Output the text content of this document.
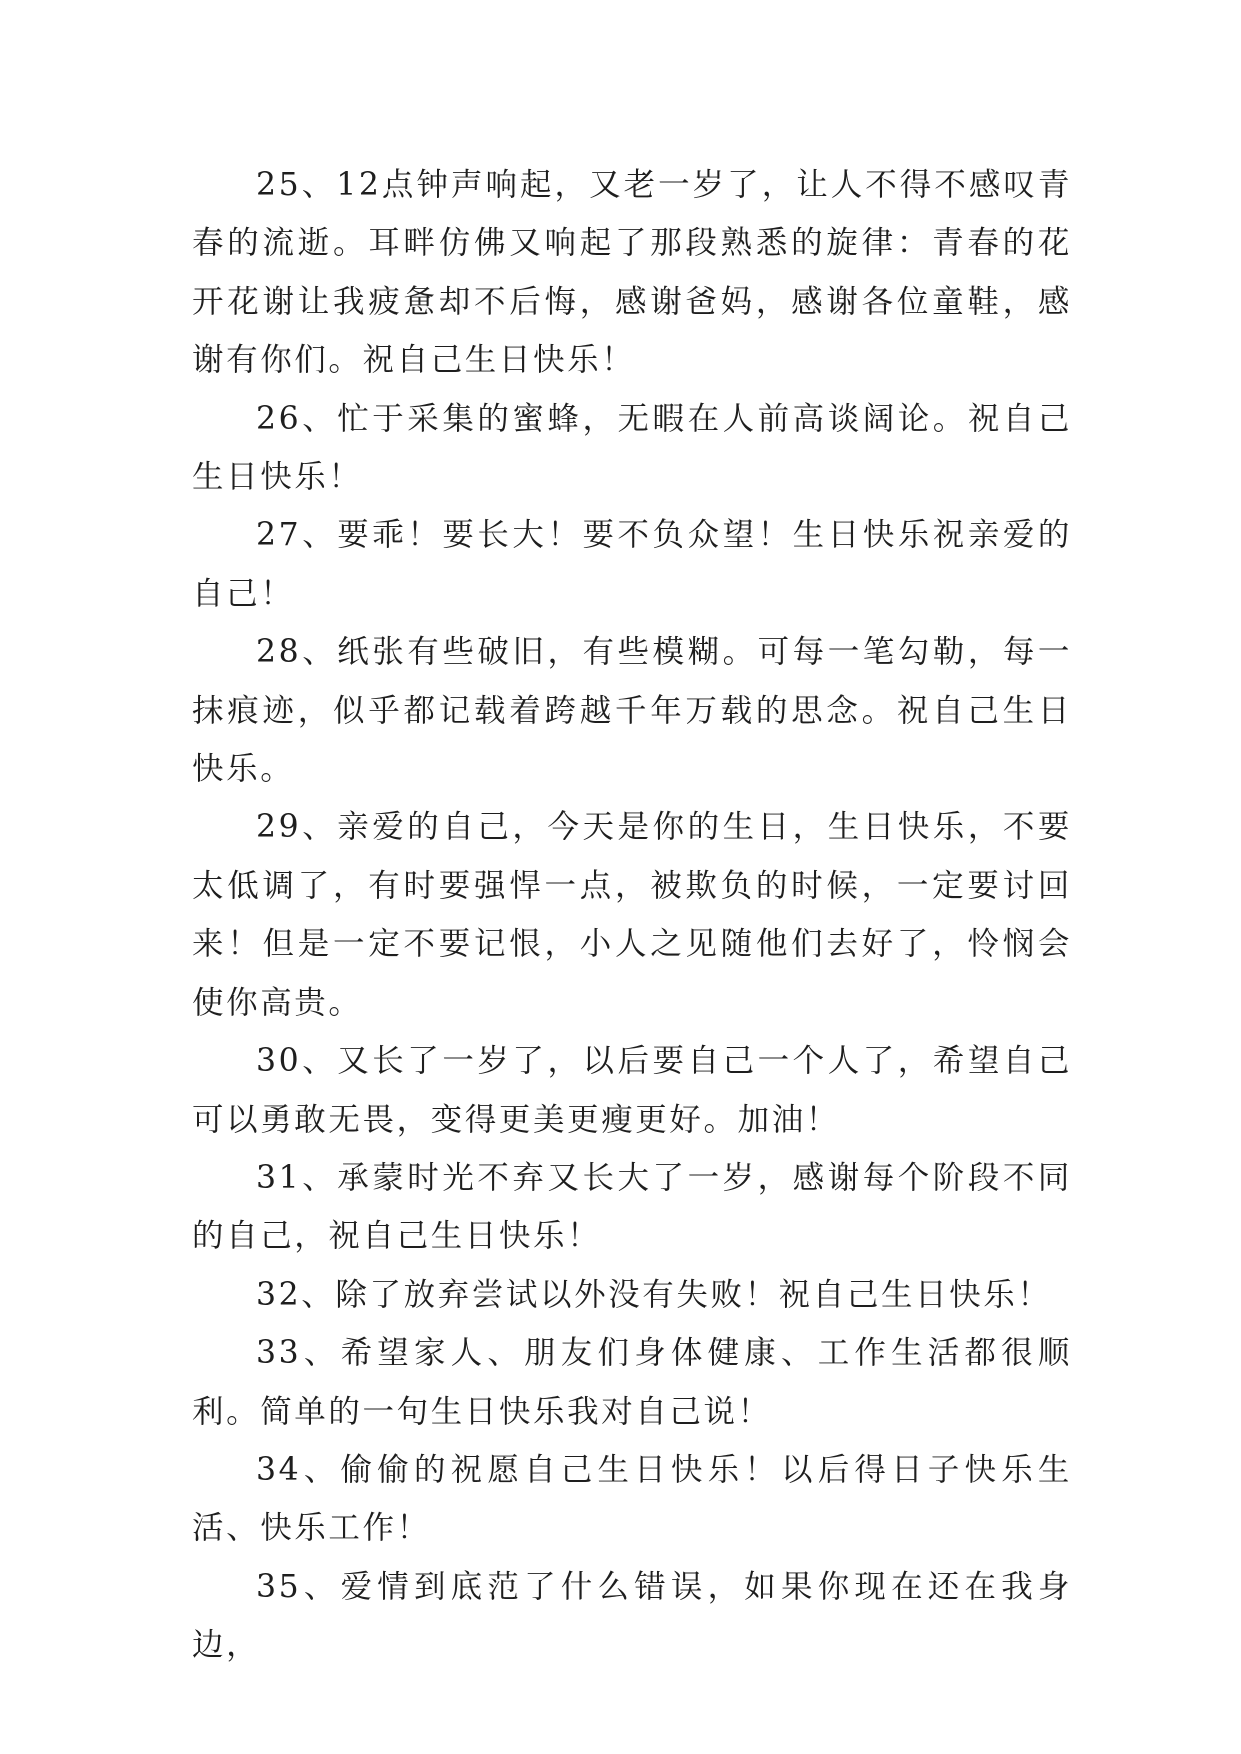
25、12点钟声响起，又老一岁了，让人不得不感叹青春的流逝。耳畔仿佛又响起了那段熟悉的旋律：青春的花开花谢让我疲惫却不后悔，感谢爸妈，感谢各位童鞋，感谢有你们。祝自己生日快乐！

26、忙于采集的蜜蜂，无暇在人前高谈阔论。祝自己生日快乐！

27、要乖！要长大！要不负众望！生日快乐祝亲爱的自己！

28、纸张有些破旧，有些模糊。可每一笔勾勒，每一抹痕迹，似乎都记载着跨越千年万载的思念。祝自己生日快乐。

29、亲爱的自己，今天是你的生日，生日快乐，不要太低调了，有时要强悍一点，被欺负的时候，一定要讨回来！但是一定不要记恨，小人之见随他们去好了，怜悯会使你高贵。

30、又长了一岁了，以后要自己一个人了，希望自己可以勇敢无畏，变得更美更瘦更好。加油！

31、承蒙时光不弃又长大了一岁，感谢每个阶段不同的自己，祝自己生日快乐！

32、除了放弃尝试以外没有失败！祝自己生日快乐！

33、希望家人、朋友们身体健康、工作生活都很顺利。简单的一句生日快乐我对自己说！

34、偷偷的祝愿自己生日快乐！以后得日子快乐生活、快乐工作！

35、爱情到底范了什么错误，如果你现在还在我身边，
